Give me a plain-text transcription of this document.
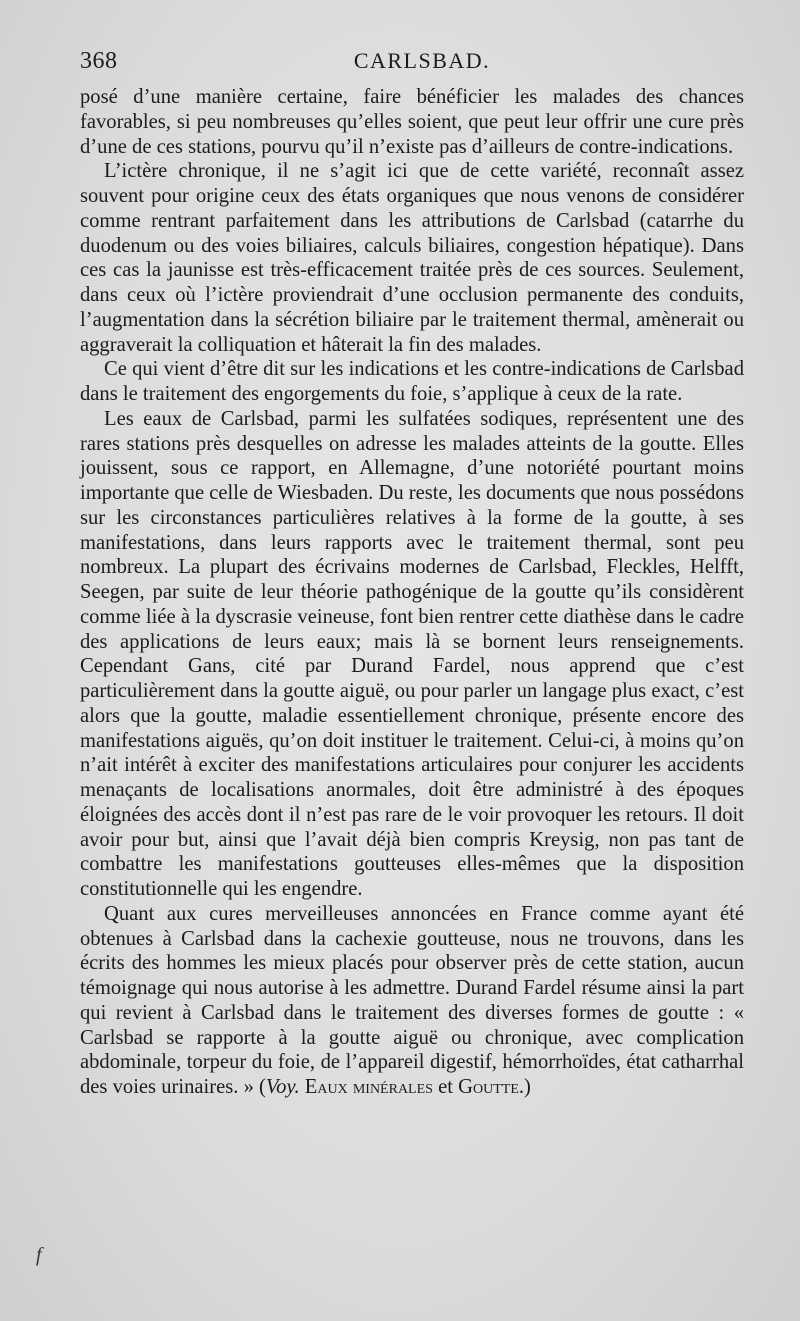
368	CARLSBAD.

posé d’une manière certaine, faire bénéficier les malades des chances favorables, si peu nombreuses qu’elles soient, que peut leur offrir une cure près d’une de ces stations, pourvu qu’il n’existe pas d’ailleurs de contre-indications.

L’ictère chronique, il ne s’agit ici que de cette variété, reconnaît assez souvent pour origine ceux des états organiques que nous venons de considérer comme rentrant parfaitement dans les attributions de Carlsbad (catarrhe du duodenum ou des voies biliaires, calculs biliaires, congestion hépatique). Dans ces cas la jaunisse est très-efficacement traitée près de ces sources. Seulement, dans ceux où l’ictère proviendrait d’une occlusion permanente des conduits, l’augmentation dans la sécrétion biliaire par le traitement thermal, amènerait ou aggraverait la colliquation et hâterait la fin des malades.

Ce qui vient d’être dit sur les indications et les contre-indications de Carlsbad dans le traitement des engorgements du foie, s’applique à ceux de la rate.

Les eaux de Carlsbad, parmi les sulfatées sodiques, représentent une des rares stations près desquelles on adresse les malades atteints de la goutte. Elles jouissent, sous ce rapport, en Allemagne, d’une notoriété pourtant moins importante que celle de Wiesbaden. Du reste, les documents que nous possédons sur les circonstances particulières relatives à la forme de la goutte, à ses manifestations, dans leurs rapports avec le traitement thermal, sont peu nombreux. La plupart des écrivains modernes de Carlsbad, Fleckles, Helfft, Seegen, par suite de leur théorie pathogénique de la goutte qu’ils considèrent comme liée à la dyscrasie veineuse, font bien rentrer cette diathèse dans le cadre des applications de leurs eaux; mais là se bornent leurs renseignements. Cependant Gans, cité par Durand Fardel, nous apprend que c’est particulièrement dans la goutte aiguë, ou pour parler un langage plus exact, c’est alors que la goutte, maladie essentiellement chronique, présente encore des manifestations aiguës, qu’on doit instituer le traitement. Celui-ci, à moins qu’on n’ait intérêt à exciter des manifestations articulaires pour conjurer les accidents menaçants de localisations anormales, doit être administré à des époques éloignées des accès dont il n’est pas rare de le voir provoquer les retours. Il doit avoir pour but, ainsi que l’avait déjà bien compris Kreysig, non pas tant de combattre les manifestations goutteuses elles-mêmes que la disposition constitutionnelle qui les engendre.

Quant aux cures merveilleuses annoncées en France comme ayant été obtenues à Carlsbad dans la cachexie goutteuse, nous ne trouvons, dans les écrits des hommes les mieux placés pour observer près de cette station, aucun témoignage qui nous autorise à les admettre. Durand Fardel résume ainsi la part qui revient à Carlsbad dans le traitement des diverses formes de goutte : « Carlsbad se rapporte à la goutte aiguë ou chronique, avec complication abdominale, torpeur du foie, de l’appareil digestif, hémorrhoïdes, état catharrhal des voies urinaires. » (Voy. Eaux minérales et Goutte.)

f
